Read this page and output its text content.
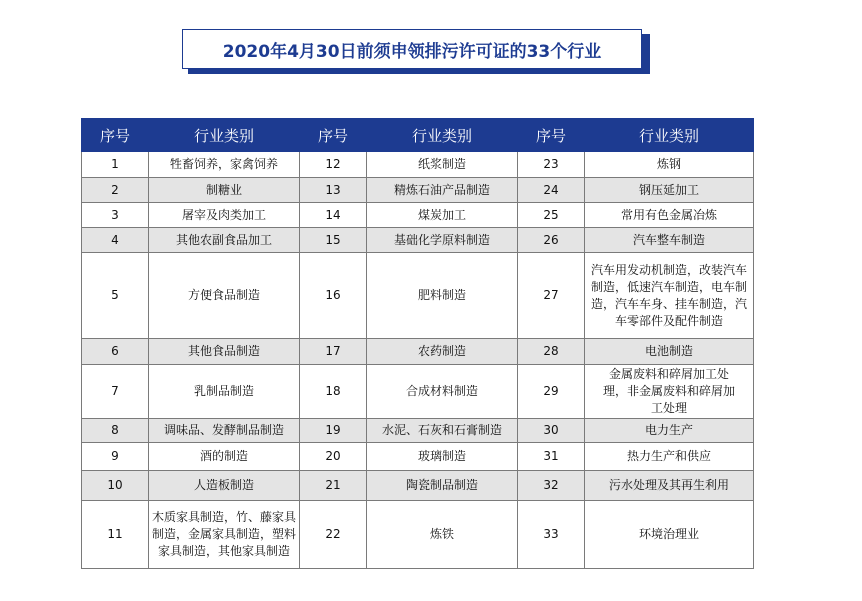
2020年4月30日前须申领排污许可证的33个行业
序号	行业类别	序号	行业类别	序号	行业类别
1	牲畜饲养，家禽饲养	12	纸浆制造	23	炼钢
2	制糖业	13	精炼石油产品制造	24	钢压延加工
3	屠宰及肉类加工	14	煤炭加工	25	常用有色金属冶炼
4	其他农副食品加工	15	基础化学原料制造	26	汽车整车制造
5	方便食品制造	16	肥料制造	27	汽车用发动机制造，改装汽车制造，低速汽车制造，电车制造，汽车车身、挂车制造，汽车零部件及配件制造
6	其他食品制造	17	农药制造	28	电池制造
7	乳制品制造	18	合成材料制造	29	金属废料和碎屑加工处理，非金属废料和碎屑加工处理
8	调味品、发酵制品制造	19	水泥、石灰和石膏制造	30	电力生产
9	酒的制造	20	玻璃制造	31	热力生产和供应
10	人造板制造	21	陶瓷制品制造	32	污水处理及其再生利用
11	木质家具制造，竹、藤家具制造，金属家具制造，塑料家具制造，其他家具制造	22	炼铁	33	环境治理业
